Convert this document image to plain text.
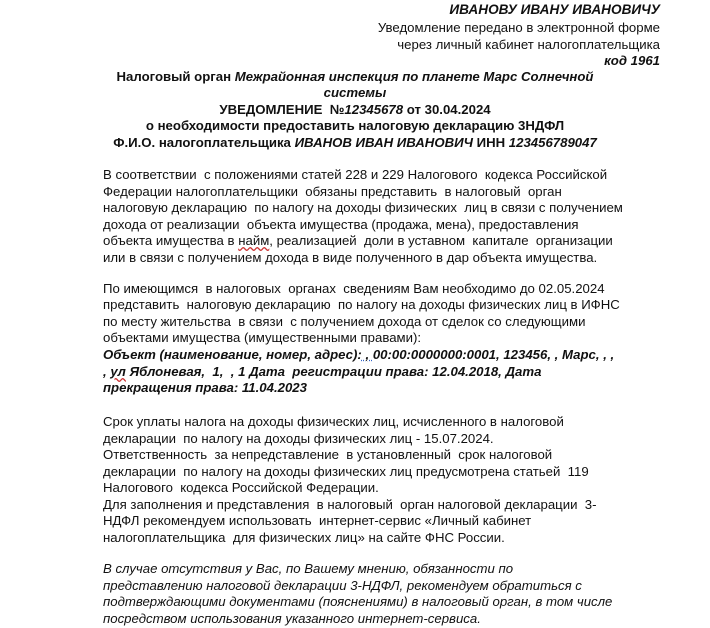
ИВАНОВУ ИВАНУ ИВАНОВИЧУ
Уведомление передано в электронной форме
через личный кабинет налогоплательщика
код 1961
Налоговый орган Межрайонная инспекция по планете Марс Солнечной
системы
УВЕДОМЛЕНИЕ  №12345678 от 30.04.2024
о необходимости предоставить налоговую декларацию 3НДФЛ
Ф.И.О. налогоплательщика ИВАНОВ ИВАН ИВАНОВИЧ ИНН 123456789047
В соответствии  с положениями статей 228 и 229 Налогового  кодекса Российской
Федерации налогоплательщики  обязаны представить  в налоговый  орган
налоговую декларацию  по налогу на доходы физических  лиц в связи с получением
дохода от реализации  объекта имущества (продажа, мена), предоставления
объекта имущества в найм, реализацией  доли в уставном  капитале  организации
или в связи с получением дохода в виде полученного в дар объекта имущества.
По имеющимся  в налоговых  органах  сведениям Вам необходимо до 02.05.2024
представить  налоговую декларацию  по налогу на доходы физических лиц в ИФНС
по месту жительства  в связи  с получением дохода от сделок со следующими
объектами имущества (имущественными правами):
Объект (наименование, номер, адрес): , 00:00:0000000:0001, 123456, , Марс, , ,
, ул Яблоневая,  1,  , 1 Дата  регистрации права: 12.04.2018, Дата
прекращения права: 11.04.2023
Срок уплаты налога на доходы физических лиц, исчисленного в налоговой
декларации  по налогу на доходы физических лиц - 15.07.2024.
Ответственность  за непредставление  в установленный  срок налоговой
декларации  по налогу на доходы физических лиц предусмотрена статьей  119
Налогового  кодекса Российской Федерации.
Для заполнения и представления  в налоговый  орган налоговой декларации  3-
НДФЛ рекомендуем использовать  интернет-сервис «Личный кабинет
налогоплательщика  для физических лиц» на сайте ФНС России.
В случае отсутствия у Вас, по Вашему мнению, обязанности по
представлению налоговой декларации 3-НДФЛ, рекомендуем обратиться с
подтверждающими документами (пояснениями) в налоговый орган, в том числе
посредством использования указанного интернет-сервиса.
